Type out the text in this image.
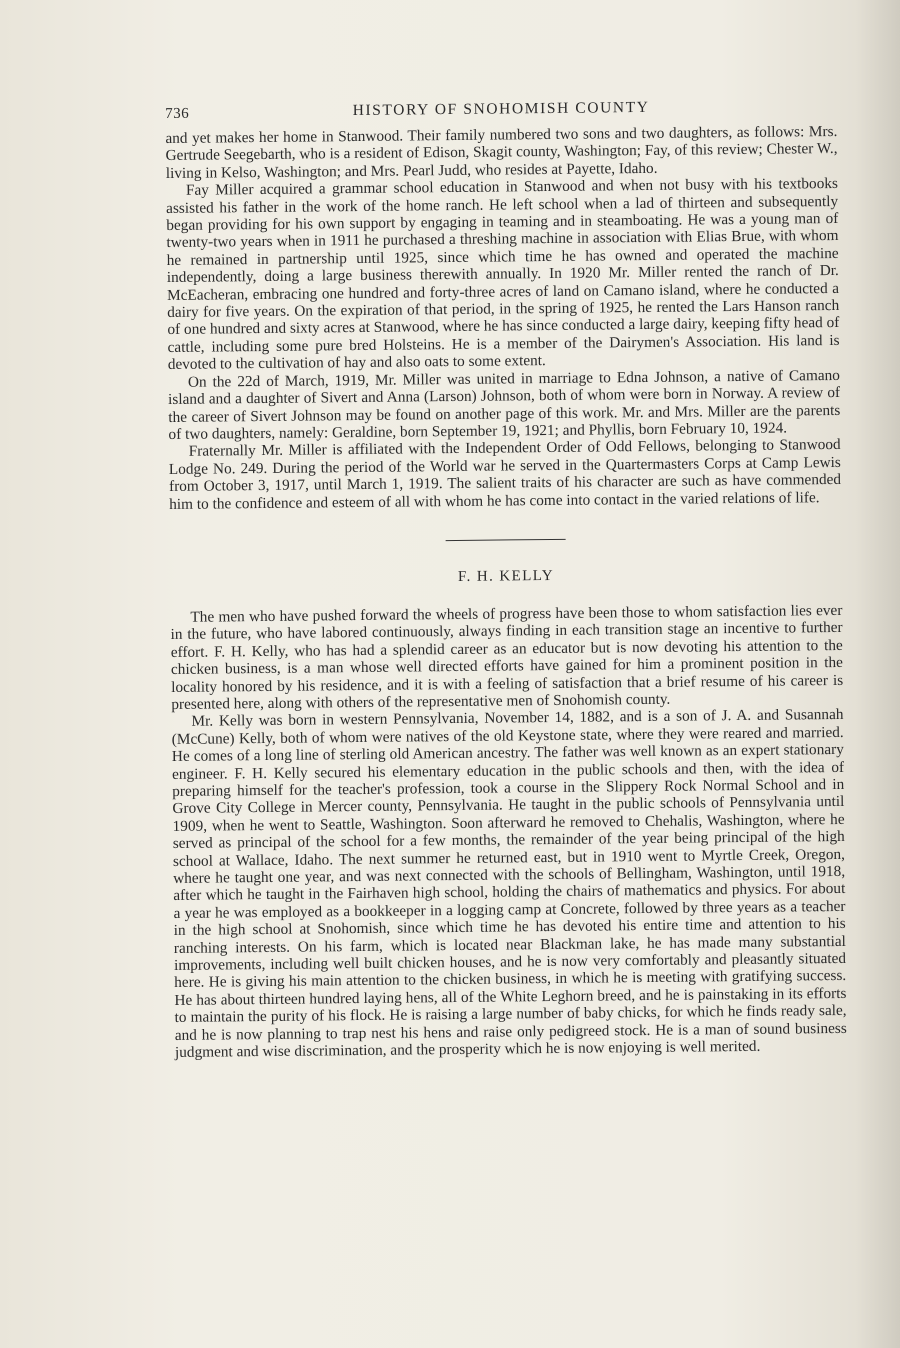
736	HISTORY OF SNOHOMISH COUNTY

and yet makes her home in Stanwood. Their family numbered two sons and two daughters, as follows: Mrs. Gertrude Seegebarth, who is a resident of Edison, Skagit county, Washington; Fay, of this review; Chester W., living in Kelso, Washington; and Mrs. Pearl Judd, who resides at Payette, Idaho.

Fay Miller acquired a grammar school education in Stanwood and when not busy with his textbooks assisted his father in the work of the home ranch. He left school when a lad of thirteen and subsequently began providing for his own support by engaging in teaming and in steamboating. He was a young man of twenty-two years when in 1911 he purchased a threshing machine in association with Elias Brue, with whom he remained in partnership until 1925, since which time he has owned and operated the machine independently, doing a large business therewith annually. In 1920 Mr. Miller rented the ranch of Dr. McEacheran, embracing one hundred and forty-three acres of land on Camano island, where he conducted a dairy for five years. On the expiration of that period, in the spring of 1925, he rented the Lars Hanson ranch of one hundred and sixty acres at Stanwood, where he has since conducted a large dairy, keeping fifty head of cattle, including some pure bred Holsteins. He is a member of the Dairymen's Association. His land is devoted to the cultivation of hay and also oats to some extent.

On the 22d of March, 1919, Mr. Miller was united in marriage to Edna Johnson, a native of Camano island and a daughter of Sivert and Anna (Larson) Johnson, both of whom were born in Norway. A review of the career of Sivert Johnson may be found on another page of this work. Mr. and Mrs. Miller are the parents of two daughters, namely: Geraldine, born September 19, 1921; and Phyllis, born February 10, 1924.

Fraternally Mr. Miller is affiliated with the Independent Order of Odd Fellows, belonging to Stanwood Lodge No. 249. During the period of the World war he served in the Quartermasters Corps at Camp Lewis from October 3, 1917, until March 1, 1919. The salient traits of his character are such as have commended him to the confidence and esteem of all with whom he has come into contact in the varied relations of life.

F. H. KELLY

The men who have pushed forward the wheels of progress have been those to whom satisfaction lies ever in the future, who have labored continuously, always finding in each transition stage an incentive to further effort. F. H. Kelly, who has had a splendid career as an educator but is now devoting his attention to the chicken business, is a man whose well directed efforts have gained for him a prominent position in the locality honored by his residence, and it is with a feeling of satisfaction that a brief resume of his career is presented here, along with others of the representative men of Snohomish county.

Mr. Kelly was born in western Pennsylvania, November 14, 1882, and is a son of J. A. and Susannah (McCune) Kelly, both of whom were natives of the old Keystone state, where they were reared and married. He comes of a long line of sterling old American ancestry. The father was well known as an expert stationary engineer. F. H. Kelly secured his elementary education in the public schools and then, with the idea of preparing himself for the teacher's profession, took a course in the Slippery Rock Normal School and in Grove City College in Mercer county, Pennsylvania. He taught in the public schools of Pennsylvania until 1909, when he went to Seattle, Washington. Soon afterward he removed to Chehalis, Washington, where he served as principal of the school for a few months, the remainder of the year being principal of the high school at Wallace, Idaho. The next summer he returned east, but in 1910 went to Myrtle Creek, Oregon, where he taught one year, and was next connected with the schools of Bellingham, Washington, until 1918, after which he taught in the Fairhaven high school, holding the chairs of mathematics and physics. For about a year he was employed as a bookkeeper in a logging camp at Concrete, followed by three years as a teacher in the high school at Snohomish, since which time he has devoted his entire time and attention to his ranching interests. On his farm, which is located near Blackman lake, he has made many substantial improvements, including well built chicken houses, and he is now very comfortably and pleasantly situated here. He is giving his main attention to the chicken business, in which he is meeting with gratifying success. He has about thirteen hundred laying hens, all of the White Leghorn breed, and he is painstaking in its efforts to maintain the purity of his flock. He is raising a large number of baby chicks, for which he finds ready sale, and he is now planning to trap nest his hens and raise only pedigreed stock. He is a man of sound business judgment and wise discrimination, and the prosperity which he is now enjoying is well merited.
